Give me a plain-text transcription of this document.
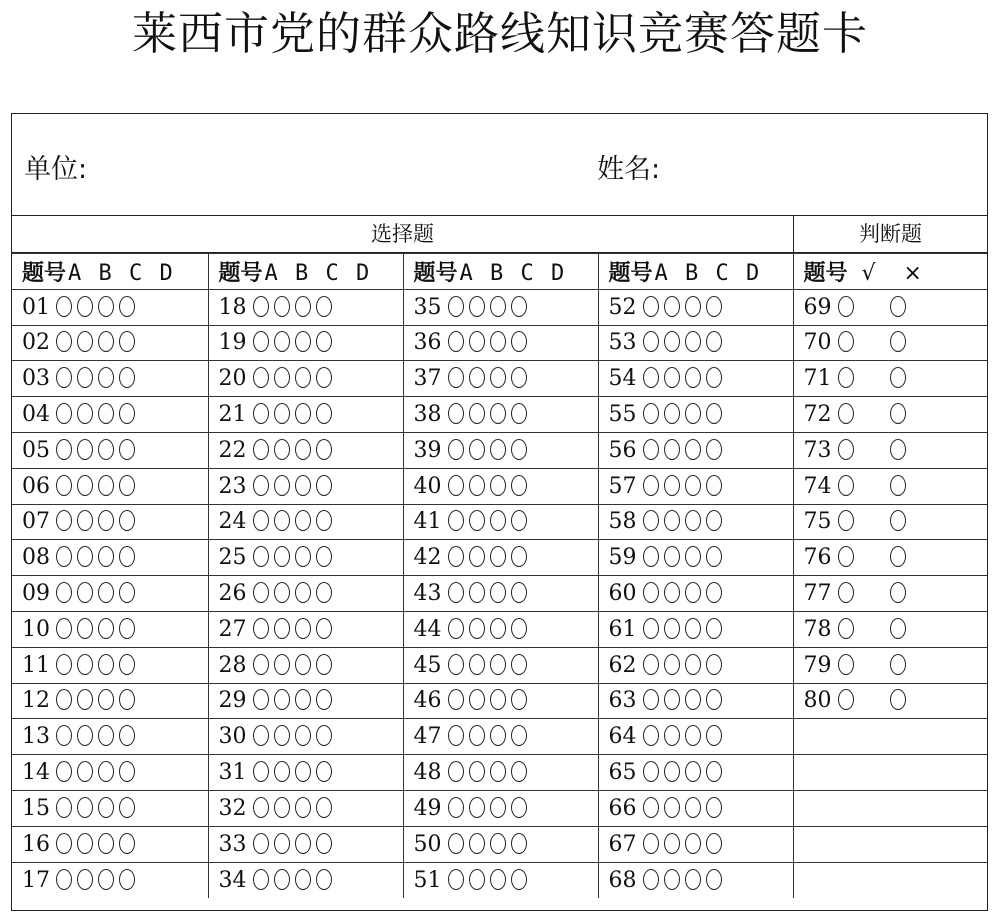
莱西市党的群众路线知识竞赛答题卡
单位:	姓名:
选择题	判断题
题号A B C D	题号A B C D	题号A B C D	题号A B C D	题号 √ ×
01	18	35	52	69
02	19	36	53	70
03	20	37	54	71
04	21	38	55	72
05	22	39	56	73
06	23	40	57	74
07	24	41	58	75
08	25	42	59	76
09	26	43	60	77
10	27	44	61	78
11	28	45	62	79
12	29	46	63	80
13	30	47	64	
14	31	48	65	
15	32	49	66	
16	33	50	67	
17	34	51	68	
